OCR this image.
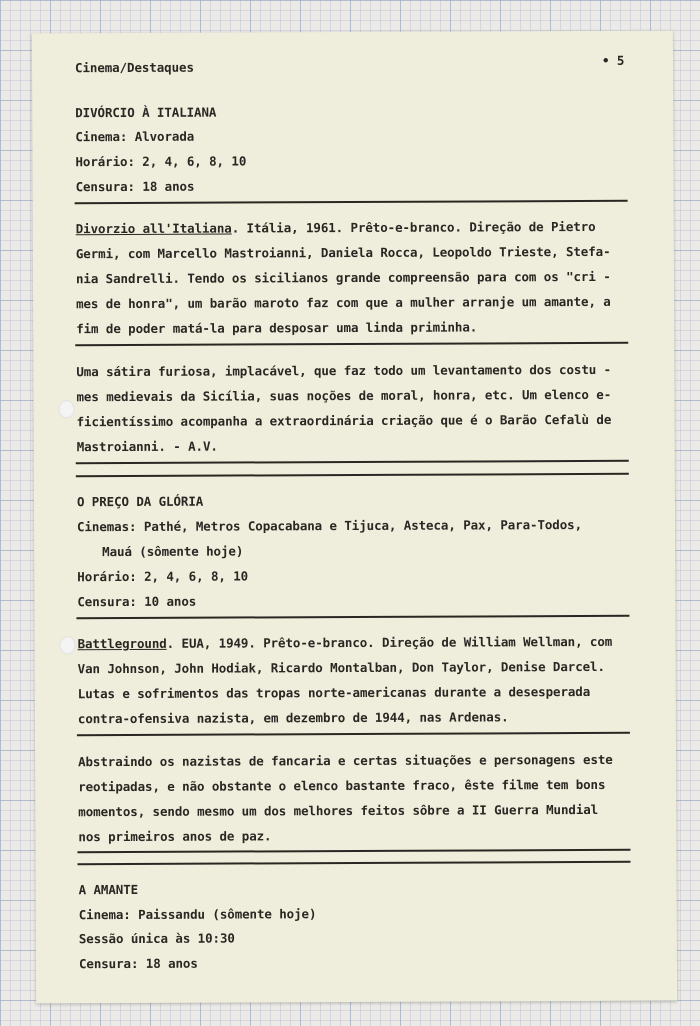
Cinema/Destaques	• 5
DIVÓRCIO À ITALIANA
Cinema: Alvorada
Horário: 2, 4, 6, 8, 10
Censura: 18 anos
Divorzio all'Italiana. Itália, 1961. Prêto-e-branco. Direção de Pietro
Germi, com Marcello Mastroianni, Daniela Rocca, Leopoldo Trieste, Stefa-
nia Sandrelli. Tendo os sicilianos grande compreensão para com os "cri -
mes de honra", um barão maroto faz com que a mulher arranje um amante, a
fim de poder matá-la para desposar uma linda priminha.
Uma sátira furiosa, implacável, que faz todo um levantamento dos costu -
mes medievais da Sicília, suas noções de moral, honra, etc. Um elenco e-
ficientíssimo acompanha a extraordinária criação que é o Barão Cefalù de
Mastroianni. - A.V.
O PREÇO DA GLÓRIA
Cinemas: Pathé, Metros Copacabana e Tijuca, Asteca, Pax, Para-Todos,
Mauá (sômente hoje)
Horário: 2, 4, 6, 8, 10
Censura: 10 anos
Battleground. EUA, 1949. Prêto-e-branco. Direção de William Wellman, com
Van Johnson, John Hodiak, Ricardo Montalban, Don Taylor, Denise Darcel.
Lutas e sofrimentos das tropas norte-americanas durante a desesperada
contra-ofensiva nazista, em dezembro de 1944, nas Ardenas.
Abstraindo os nazistas de fancaria e certas situações e personagens este
reotipadas, e não obstante o elenco bastante fraco, êste filme tem bons
momentos, sendo mesmo um dos melhores feitos sôbre a II Guerra Mundial
nos primeiros anos de paz.
A AMANTE
Cinema: Paissandu (sômente hoje)
Sessão única às 10:30
Censura: 18 anos
